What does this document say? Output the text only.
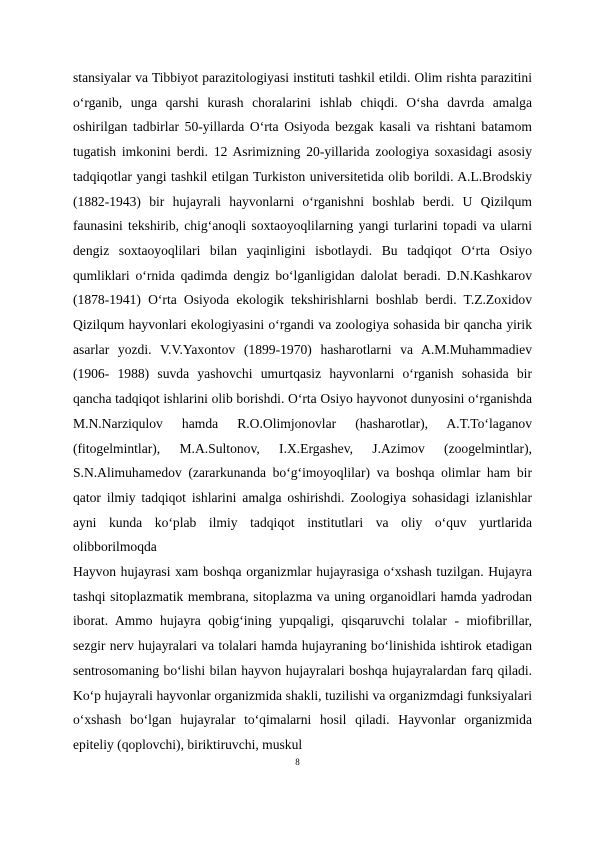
stansiyalar va Tibbiyot parazitologiyasi instituti tashkil etildi. Olim rishta parazitini o‘rganib, unga qarshi kurash choralarini ishlab chiqdi. O‘sha davrda amalga oshirilgan tadbirlar 50-yillarda O‘rta Osiyoda bezgak kasali va rishtani batamom tugatish imkonini berdi. 12 Asrimizning 20-yillarida zoologiya soxasidagi asosiy tadqiqotlar yangi tashkil etilgan Turkiston universitetida olib borildi. A.L.Brodskiy (1882-1943) bir hujayrali hayvonlarni o‘rganishni boshlab berdi. U Qizilqum faunasini tekshirib, chig‘anoqli soxtaoyoqlilarning yangi turlarini topadi va ularni dengiz soxtaoyoqlilari bilan yaqinligini isbotlaydi. Bu tadqiqot O‘rta Osiyo qumliklari o‘rnida qadimda dengiz bo‘lganligidan dalolat beradi. D.N.Kashkarov (1878-1941) O‘rta Osiyoda ekologik tekshirishlarni boshlab berdi. T.Z.Zoxidov Qizilqum hayvonlari ekologiyasini o‘rgandi va zoologiya sohasida bir qancha yirik asarlar yozdi. V.V.Yaxontov (1899-1970) hasharotlarni va A.M.Muhammadiev (1906- 1988) suvda yashovchi umurtqasiz hayvonlarni o‘rganish sohasida bir qancha tadqiqot ishlarini olib borishdi. O‘rta Osiyo hayvonot dunyosini o‘rganishda M.N.Narziqulov hamda R.O.Olimjonovlar (hasharotlar), A.T.To‘laganov (fitogelmintlar), M.A.Sultonov, I.X.Ergashev, J.Azimov (zoogelmintlar), S.N.Alimuhamedov (zararkunanda bo‘g‘imoyoqlilar) va boshqa olimlar ham bir qator ilmiy tadqiqot ishlarini amalga oshirishdi. Zoologiya sohasidagi izlanishlar ayni kunda ko‘plab ilmiy tadqiqot institutlari va oliy o‘quv yurtlarida olibborilmoqda

Hayvon hujayrasi xam boshqa organizmlar hujayrasiga o‘xshash tuzilgan. Hujayra tashqi sitoplazmatik membrana, sitoplazma va uning organoidlari hamda yadrodan iborat. Ammo hujayra qobig‘ining yupqaligi, qisqaruvchi tolalar - miofibrillar, sezgir nerv hujayralari va tolalari hamda hujayraning bo‘linishida ishtirok etadigan sentrosomaning bo‘lishi bilan hayvon hujayralari boshqa hujayralardan farq qiladi. Ko‘p hujayrali hayvonlar organizmida shakli, tuzilishi va organizmdagi funksiyalari o‘xshash bo‘lgan hujayralar to‘qimalarni hosil qiladi. Hayvonlar organizmida epiteliy (qoplovchi), biriktiruvchi, muskul

8
